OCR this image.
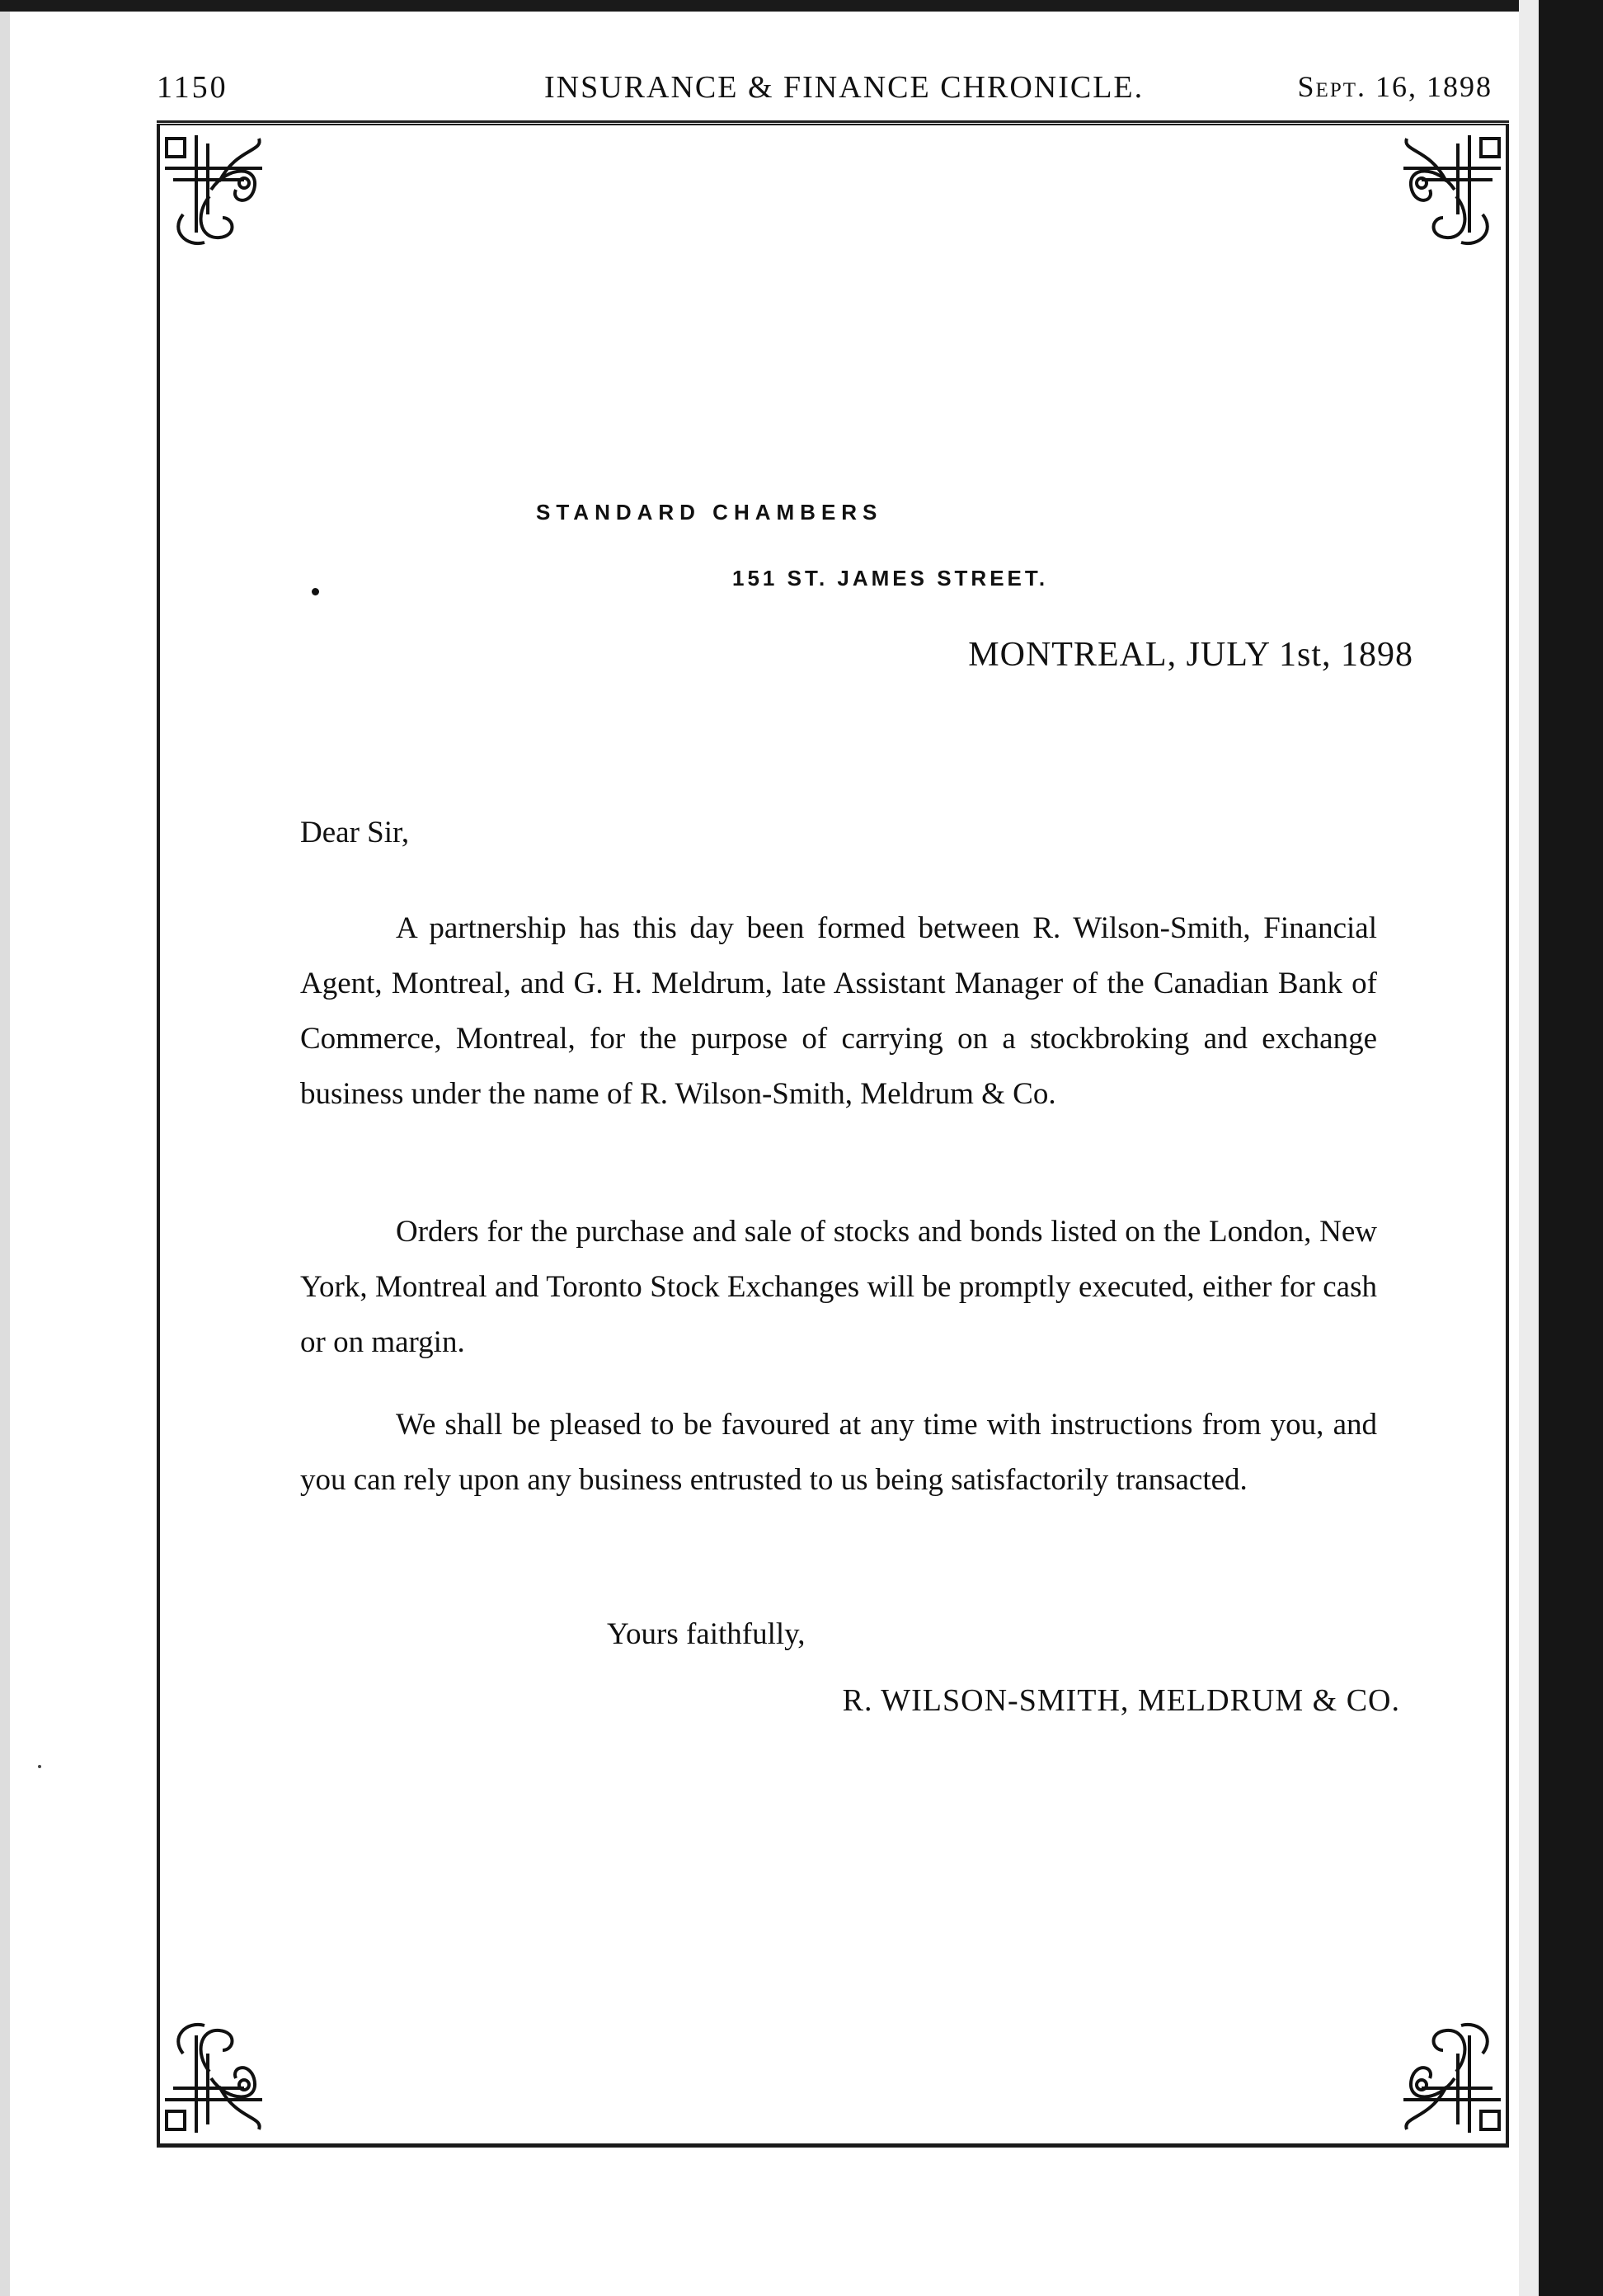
1150	INSURANCE & FINANCE CHRONICLE.	Sept. 16, 1898
STANDARD CHAMBERS
151 ST. JAMES STREET.
MONTREAL, JULY 1st, 1898
Dear Sir,

A partnership has this day been formed between R. Wilson-Smith, Financial Agent, Montreal, and G. H. Meldrum, late Assistant Manager of the Canadian Bank of Commerce, Montreal, for the purpose of carrying on a stockbroking and exchange business under the name of R. Wilson-Smith, Meldrum & Co.

Orders for the purchase and sale of stocks and bonds listed on the London, New York, Montreal and Toronto Stock Exchanges will be promptly executed, either for cash or on margin.

We shall be pleased to be favoured at any time with instructions from you, and you can rely upon any business entrusted to us being satisfactorily transacted.

Yours faithfully,
R. WILSON-SMITH, MELDRUM & CO.
